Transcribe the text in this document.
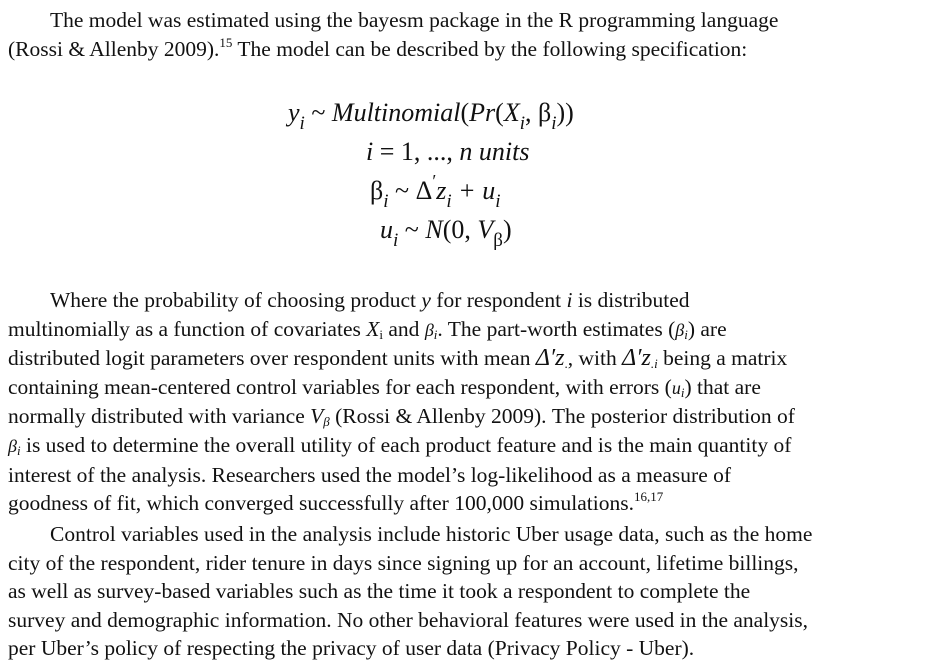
The model was estimated using the bayesm package in the R programming language
(Rossi & Allenby 2009).$^{15}$ The model can be described by the following specification:
$y_i$ ~ $Multinomial(Pr(X_i$, $\beta_i$))
i = 1, ..., n units
$\beta_i$ ~ $\Delta'z_i + u_i$
$u_i$ ~ N(0, $V_\beta$)
Where the probability of choosing product y for respondent i is distributed
multinomially as a function of covariates $X_i$ and $\beta_i$. The part-worth estimates $(\beta_i)$ are
distributed logit parameters over respondent units with mean $\Delta'z_.$, with $\Delta'z_{.i}$ being a matrix
containing mean-centered control variables for each respondent, with errors $(u_i)$ that are
normally distributed with variance $V_\beta$ (Rossi & Allenby 2009). The posterior distribution of
$\beta_i$ is used to determine the overall utility of each product feature and is the main quantity of
interest of the analysis. Researchers used the model’s log-likelihood as a measure of
goodness of fit, which converged successfully after 100,000 simulations.$^{16,17}$
Control variables used in the analysis include historic Uber usage data, such as the home
city of the respondent, rider tenure in days since signing up for an account, lifetime billings,
as well as survey-based variables such as the time it took a respondent to complete the
survey and demographic information. No other behavioral features were used in the analysis,
per Uber’s policy of respecting the privacy of user data (Privacy Policy - Uber).
